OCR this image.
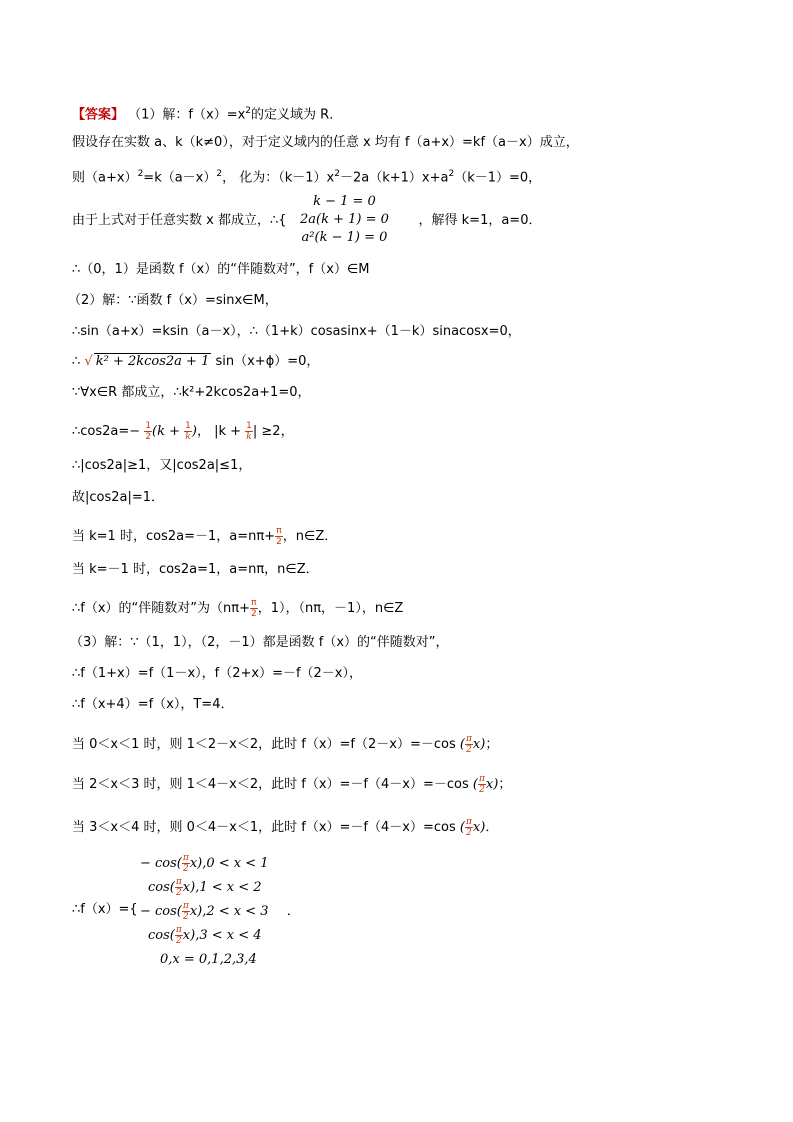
【答案】 （1）解：$f(x)=x^2$的定义域为 R．
假设存在实数 a、k（k≠0），对于定义域内的任意 x 均有 f（a+x）=kf（a－x）成立，
则$(a+x)^2=k(a-x)^2$， 化为：$(k-1)x^2-2a(k+1)x+a^2(k-1)=0$，
k − 1 = 0
2a(k + 1) = 0
a²(k − 1) = 0
由于上式对于任意实数 x 都成立，∴{	，解得 k=1，a=0．
∴（0，1）是函数 f（x）的“伴随数对”，f（x）∈M
（2）解：∵函数 f（x）=sinx∈M，
∴sin（a+x）=ksin（a－x），∴（1+k）cosasinx+（1－k）sinacosx=0，
∴ √ k² + 2kcos2a + 1 sin（x+ϕ）=0，
∵∀x∈R 都成立，∴k²+2kcos2a+1=0，
∴cos2a=− $\frac{1}{2} (k + \frac{1}{k}$ )， $|k + \frac{1}{k}$ | ≥2，
∴|cos2a|≥1，又|cos2a|≤1，
故|cos2a|=1．
当 k=1 时，cos2a=－1，$a=n\pi+ \frac{\pi}{2}$ ，n∈Z．
当 k=－1 时，cos2a=1，a=nπ，n∈Z．
∴f（x）的“伴随数对”为（$n\pi+ \frac{\pi}{2}$ ，1），（nπ，－1），n∈Z
（3）解：∵（1，1），（2，－1）都是函数 f（x）的“伴随数对”，
∴f（1+x）=f（1－x），f（2+x）=－f（2－x），
∴f（x+4）=f（x），T=4．
当 0＜x＜1 时，则 1＜2－x＜2，此时 f（x）=f（2－x）=－cos ( $\frac{\pi}{2} x$)；
当 2＜x＜3 时，则 1＜4－x＜2，此时 f（x）=－f（4－x）=－cos ( $\frac{\pi}{2} x$)；
当 3＜x＜4 时，则 0＜4－x＜1，此时 f（x）=－f（4－x）=cos ( $\frac{\pi}{2} x$)．
∴f（x）={
− $\cos( \frac{\pi}{2} x),0 < x < 1$
$\cos( \frac{\pi}{2} x),1 < x < 2$
− $\cos( \frac{\pi}{2} x),2 < x < 3$ ．
$\cos( \frac{\pi}{2} x),3 < x < 4$
0,x = 0,1,2,3,4
